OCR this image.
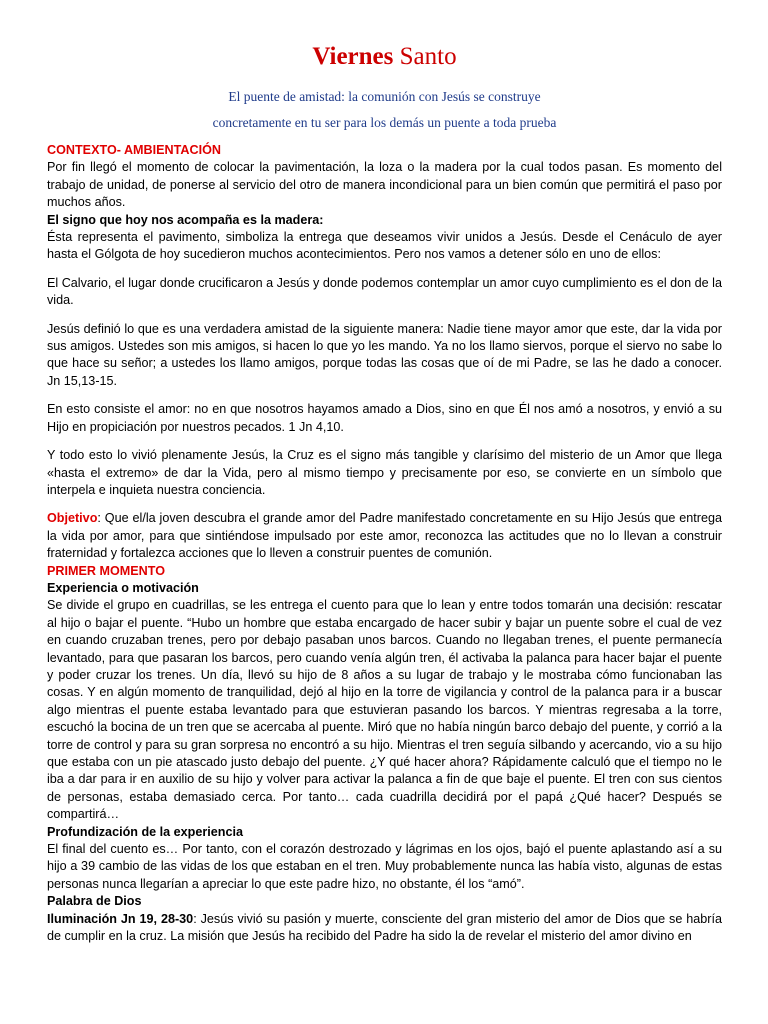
Viernes Santo

El puente de amistad: la comunión con Jesús se construye

concretamente en tu ser para los demás un puente a toda prueba

CONTEXTO- AMBIENTACIÓN

Por fin llegó el momento de colocar la pavimentación, la loza o la madera por la cual todos pasan. Es momento del trabajo de unidad, de ponerse al servicio del otro de manera incondicional para un bien común que permitirá el paso por muchos años.

El signo que hoy nos acompaña es la madera:

Ésta representa el pavimento, simboliza la entrega que deseamos vivir unidos a Jesús. Desde el Cenáculo de ayer hasta el Gólgota de hoy sucedieron muchos acontecimientos. Pero nos vamos a detener sólo en uno de ellos:

El Calvario, el lugar donde crucificaron a Jesús y donde podemos contemplar un amor cuyo cumplimiento es el don de la vida.

Jesús definió lo que es una verdadera amistad de la siguiente manera: Nadie tiene mayor amor que este, dar la vida por sus amigos. Ustedes son mis amigos, si hacen lo que yo les mando. Ya no los llamo siervos, porque el siervo no sabe lo que hace su señor; a ustedes los llamo amigos, porque todas las cosas que oí de mi Padre, se las he dado a conocer. Jn 15,13-15.

En esto consiste el amor: no en que nosotros hayamos amado a Dios, sino en que Él nos amó a nosotros, y envió a su Hijo en propiciación por nuestros pecados. 1 Jn 4,10.

Y todo esto lo vivió plenamente Jesús, la Cruz es el signo más tangible y clarísimo del misterio de un Amor que llega «hasta el extremo» de dar la Vida, pero al mismo tiempo y precisamente por eso, se convierte en un símbolo que interpela e inquieta nuestra conciencia.

Objetivo: Que el/la joven descubra el grande amor del Padre manifestado concretamente en su Hijo Jesús que entrega la vida por amor, para que sintiéndose impulsado por este amor, reconozca las actitudes que no lo llevan a construir fraternidad y fortalezca acciones que lo lleven a construir puentes de comunión.

PRIMER MOMENTO

Experiencia o motivación

Se divide el grupo en cuadrillas, se les entrega el cuento para que lo lean y entre todos tomarán una decisión: rescatar al hijo o bajar el puente. “Hubo un hombre que estaba encargado de hacer subir y bajar un puente sobre el cual de vez en cuando cruzaban trenes, pero por debajo pasaban unos barcos. Cuando no llegaban trenes, el puente permanecía levantado, para que pasaran los barcos, pero cuando venía algún tren, él activaba la palanca para hacer bajar el puente y poder cruzar los trenes. Un día, llevó su hijo de 8 años a su lugar de trabajo y le mostraba cómo funcionaban las cosas. Y en algún momento de tranquilidad, dejó al hijo en la torre de vigilancia y control de la palanca para ir a buscar algo mientras el puente estaba levantado para que estuvieran pasando los barcos. Y mientras regresaba a la torre, escuchó la bocina de un tren que se acercaba al puente. Miró que no había ningún barco debajo del puente, y corrió a la torre de control y para su gran sorpresa no encontró a su hijo. Mientras el tren seguía silbando y acercando, vio a su hijo que estaba con un pie atascado justo debajo del puente. ¿Y qué hacer ahora? Rápidamente calculó que el tiempo no le iba a dar para ir en auxilio de su hijo y volver para activar la palanca a fin de que baje el puente. El tren con sus cientos de personas, estaba demasiado cerca. Por tanto… cada cuadrilla decidirá por el papá ¿Qué hacer? Después se compartirá…

Profundización de la experiencia

El final del cuento es… Por tanto, con el corazón destrozado y lágrimas en los ojos, bajó el puente aplastando así a su hijo a 39 cambio de las vidas de los que estaban en el tren. Muy probablemente nunca las había visto, algunas de estas personas nunca llegarían a apreciar lo que este padre hizo, no obstante, él los “amó”.

Palabra de Dios

Iluminación Jn 19, 28-30: Jesús vivió su pasión y muerte, consciente del gran misterio del amor de Dios que se habría de cumplir en la cruz. La misión que Jesús ha recibido del Padre ha sido la de revelar el misterio del amor divino en
